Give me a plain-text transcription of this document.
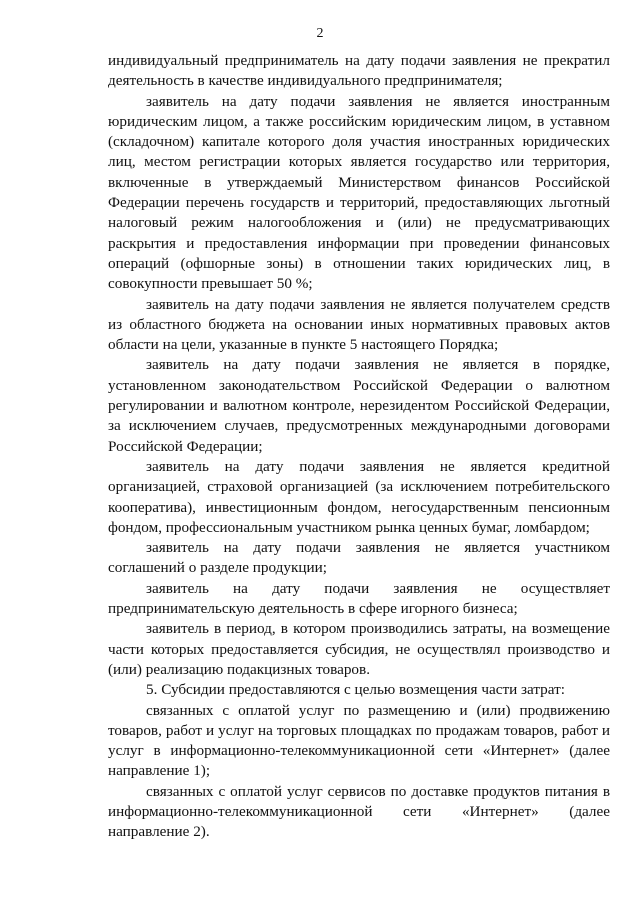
2

индивидуальный предприниматель на дату подачи заявления не прекратил деятельность в качестве индивидуального предпринимателя;

заявитель на дату подачи заявления не является иностранным юридическим лицом, а также российским юридическим лицом, в уставном (складочном) капитале которого доля участия иностранных юридических лиц, местом регистрации которых является государство или территория, включенные в утверждаемый Министерством финансов Российской Федерации перечень государств и территорий, предоставляющих льготный налоговый режим налогообложения и (или) не предусматривающих раскрытия и предоставления информации при проведении финансовых операций (офшорные зоны) в отношении таких юридических лиц, в совокупности превышает 50 %;

заявитель на дату подачи заявления не является получателем средств из областного бюджета на основании иных нормативных правовых актов области на цели, указанные в пункте 5 настоящего Порядка;

заявитель на дату подачи заявления не является в порядке, установленном законодательством Российской Федерации о валютном регулировании и валютном контроле, нерезидентом Российской Федерации, за исключением случаев, предусмотренных международными договорами Российской Федерации;

заявитель на дату подачи заявления не является кредитной организацией, страховой организацией (за исключением потребительского кооператива), инвестиционным фондом, негосударственным пенсионным фондом, профессиональным участником рынка ценных бумаг, ломбардом;

заявитель на дату подачи заявления не является участником соглашений о разделе продукции;

заявитель на дату подачи заявления не осуществляет предпринимательскую деятельность в сфере игорного бизнеса;

заявитель в период, в котором производились затраты, на возмещение части которых предоставляется субсидия, не осуществлял производство и (или) реализацию подакцизных товаров.

5. Субсидии предоставляются с целью возмещения части затрат:

связанных с оплатой услуг по размещению и (или) продвижению товаров, работ и услуг на торговых площадках по продажам товаров, работ и услуг в информационно-телекоммуникационной сети «Интернет» (далее направление 1);

связанных с оплатой услуг сервисов по доставке продуктов питания в информационно-телекоммуникационной сети «Интернет» (далее направление 2).
